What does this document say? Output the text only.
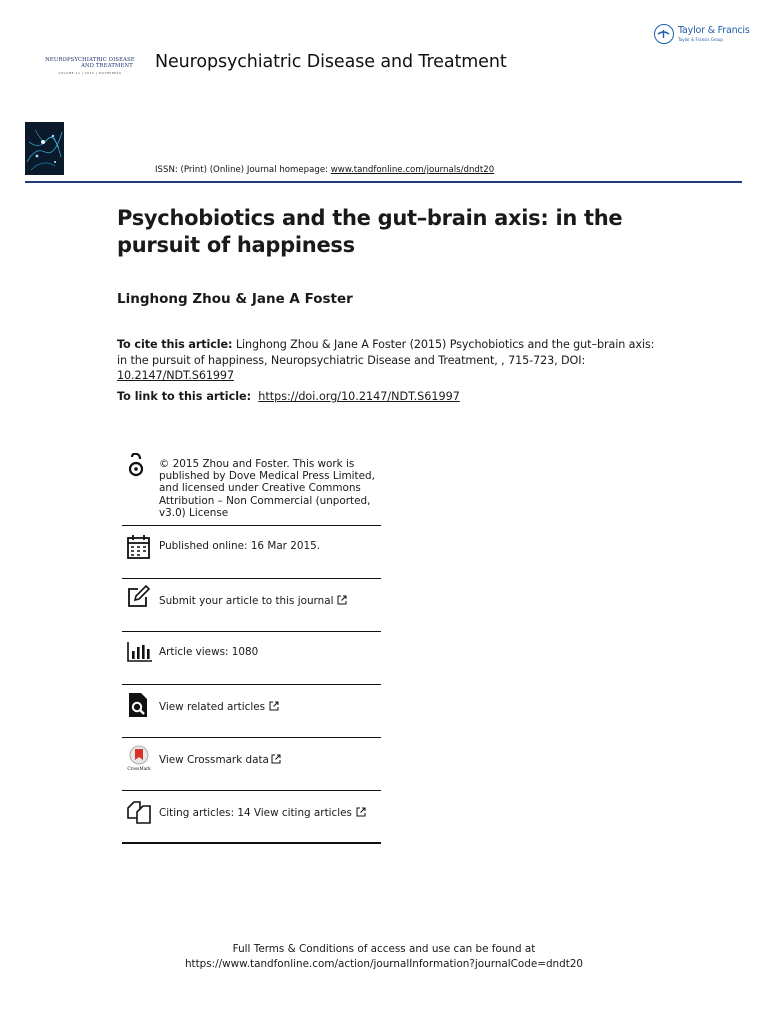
Taylor & Francis
Taylor & Francis Group
NEUROPSYCHIATRIC DISEASE
AND TREATMENT
VOLUME 11 | 2015 | DOVEPRESS
Neuropsychiatric Disease and Treatment
ISSN: (Print) (Online) Journal homepage: www.tandfonline.com/journals/dndt20
Psychobiotics and the gut–brain axis: in the pursuit of happiness
Linghong Zhou & Jane A Foster
To cite this article: Linghong Zhou & Jane A Foster (2015) Psychobiotics and the gut–brain axis: in the pursuit of happiness, Neuropsychiatric Disease and Treatment, , 715-723, DOI: 10.2147/NDT.S61997
To link to this article: https://doi.org/10.2147/NDT.S61997
© 2015 Zhou and Foster. This work is published by Dove Medical Press Limited, and licensed under Creative Commons Attribution – Non Commercial (unported, v3.0) License
Published online: 16 Mar 2015.
Submit your article to this journal
Article views: 1080
View related articles
CrossMark
View Crossmark data
Citing articles: 14 View citing articles
Full Terms & Conditions of access and use can be found at
https://www.tandfonline.com/action/journalInformation?journalCode=dndt20
